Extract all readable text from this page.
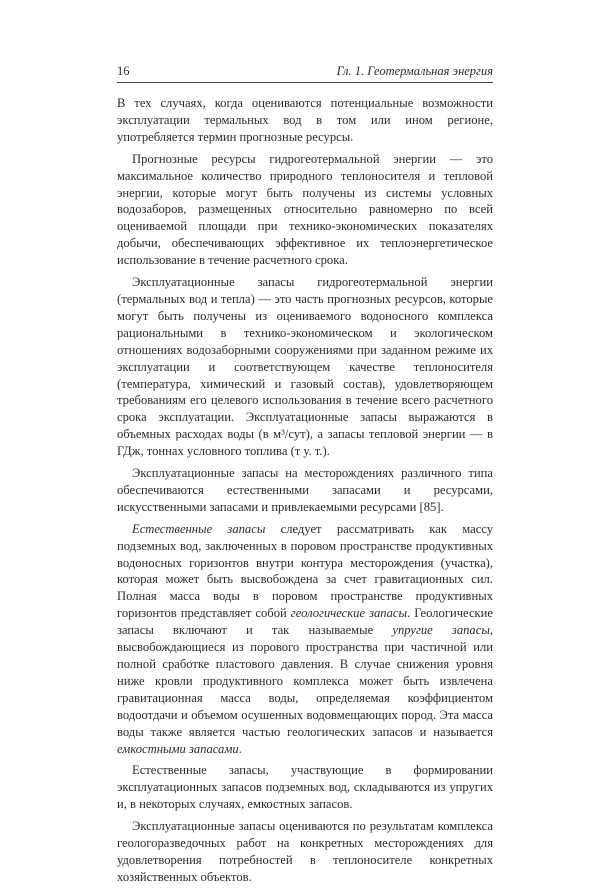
16	Гл. 1. Геотермальная энергия

В тех случаях, когда оцениваются потенциальные возможности эксплуатации термальных вод в том или ином регионе, употребляется термин прогнозные ресурсы.

Прогнозные ресурсы гидрогеотермальной энергии — это максимальное количество природного теплоносителя и тепловой энергии, которые могут быть получены из системы условных водозаборов, размещенных относительно равномерно по всей оцениваемой площади при технико-экономических показателях добычи, обеспечивающих эффективное их теплоэнергетическое использование в течение расчетного срока.

Эксплуатационные запасы гидрогеотермальной энергии (термальных вод и тепла) — это часть прогнозных ресурсов, которые могут быть получены из оцениваемого водоносного комплекса рациональными в технико-экономическом и экологическом отношениях водозаборными сооружениями при заданном режиме их эксплуатации и соответствующем качестве теплоносителя (температура, химический и газовый состав), удовлетворяющем требованиям его целевого использования в течение всего расчетного срока эксплуатации. Эксплуатационные запасы выражаются в объемных расходах воды (в м³/сут), а запасы тепловой энергии — в ГДж, тоннах условного топлива (т у. т.).

Эксплуатационные запасы на месторождениях различного типа обеспечиваются естественными запасами и ресурсами, искусственными запасами и привлекаемыми ресурсами [85].

Естественные запасы следует рассматривать как массу подземных вод, заключенных в поровом пространстве продуктивных водоносных горизонтов внутри контура месторождения (участка), которая может быть высвобождена за счет гравитационных сил. Полная масса воды в поровом пространстве продуктивных горизонтов представляет собой геологические запасы. Геологические запасы включают и так называемые упругие запасы, высвобождающиеся из порового пространства при частичной или полной сработке пластового давления. В случае снижения уровня ниже кровли продуктивного комплекса может быть извлечена гравитационная масса воды, определяемая коэффициентом водоотдачи и объемом осушенных водовмещающих пород. Эта масса воды также является частью геологических запасов и называется емкостными запасами.

Естественные запасы, участвующие в формировании эксплуатационных запасов подземных вод, складываются из упругих и, в некоторых случаях, емкостных запасов.

Эксплуатационные запасы оцениваются по результатам комплекса геологоразведочных работ на конкретных месторождениях для удовлетворения потребностей в теплоносителе конкретных хозяйственных объектов.
